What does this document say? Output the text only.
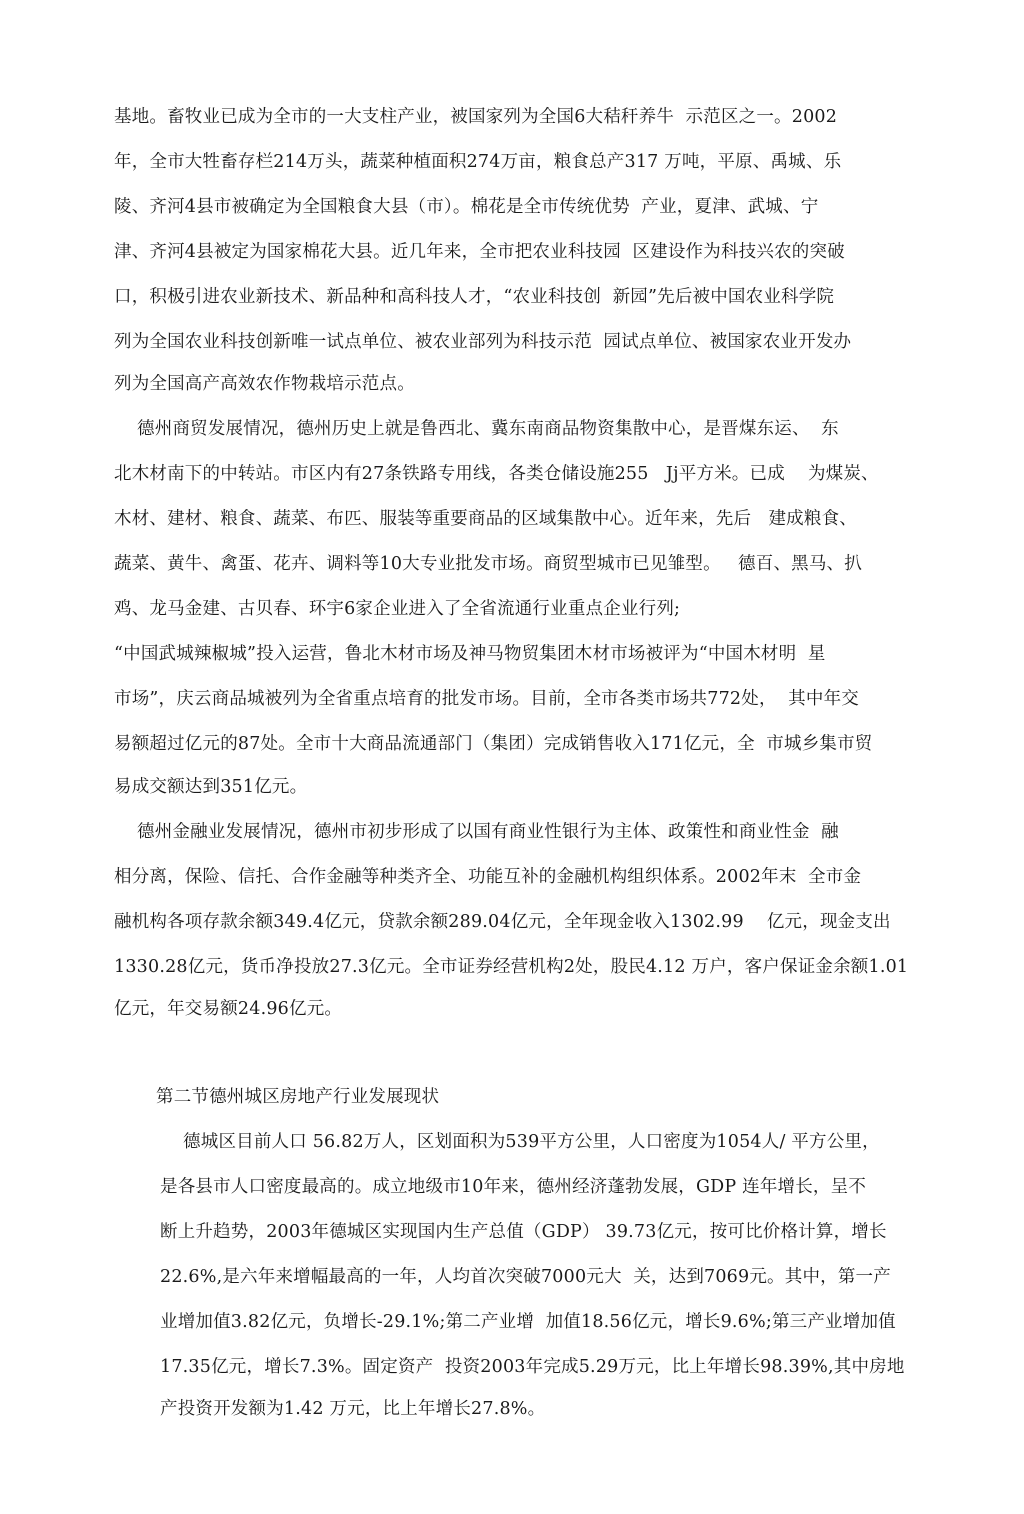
基地。畜牧业已成为全市的一大支柱产业，被国家列为全国6大秸秆养牛  示范区之一。2002
年，全市大牲畜存栏214万头，蔬菜种植面积274万亩，粮食总产317 万吨，平原、禹城、乐
陵、齐河4县市被确定为全国粮食大县（市）。棉花是全市传统优势  产业，夏津、武城、宁
津、齐河4县被定为国家棉花大县。近几年来，全市把农业科技园  区建设作为科技兴农的突破
口，积极引进农业新技术、新品种和高科技人才，“农业科技创  新园”先后被中国农业科学院
列为全国农业科技创新唯一试点单位、被农业部列为科技示范  园试点单位、被国家农业开发办
列为全国高产高效农作物栽培示范点。
德州商贸发展情况，德州历史上就是鲁西北、冀东南商品物资集散中心，是晋煤东运、  东
北木材南下的中转站。市区内有27条铁路专用线，各类仓储设施255   Jj平方米。已成    为煤炭、
木材、建材、粮食、蔬菜、布匹、服装等重要商品的区域集散中心。近年来，先后   建成粮食、
蔬菜、黄牛、禽蛋、花卉、调料等10大专业批发市场。商贸型城市已见雏型。   德百、黑马、扒
鸡、龙马金建、古贝春、环宇6家企业进入了全省流通行业重点企业行列;
“中国武城辣椒城”投入运营，鲁北木材市场及神马物贸集团木材市场被评为“中国木材明  星
市场”，庆云商品城被列为全省重点培育的批发市场。目前，全市各类市场共772处，  其中年交
易额超过亿元的87处。全市十大商品流通部门（集团）完成销售收入171亿元，全  市城乡集市贸
易成交额达到351亿元。
德州金融业发展情况，德州市初步形成了以国有商业性银行为主体、政策性和商业性金  融
相分离，保险、信托、合作金融等种类齐全、功能互补的金融机构组织体系。2002年末  全市金
融机构各项存款余额349.4亿元，贷款余额289.04亿元，全年现金收入1302.99    亿元，现金支出
1330.28亿元，货币净投放27.3亿元。全市证券经营机构2处，股民4.12 万户，客户保证金余额1.01
亿元，年交易额24.96亿元。
第二节德州城区房地产行业发展现状
德城区目前人口 56.82万人，区划面积为539平方公里，人口密度为1054人/ 平方公里，
是各县市人口密度最高的。成立地级市10年来，德州经济蓬勃发展，GDP 连年增长，呈不
断上升趋势，2003年德城区实现国内生产总值（GDP） 39.73亿元，按可比价格计算，增长
22.6%,是六年来增幅最高的一年，人均首次突破7000元大  关，达到7069元。其中，第一产
业增加值3.82亿元，负增长-29.1%;第二产业增  加值18.56亿元，增长9.6%;第三产业增加值
17.35亿元，增长7.3%。固定资产  投资2003年完成5.29万元，比上年增长98.39%,其中房地
产投资开发额为1.42 万元，比上年增长27.8%。
